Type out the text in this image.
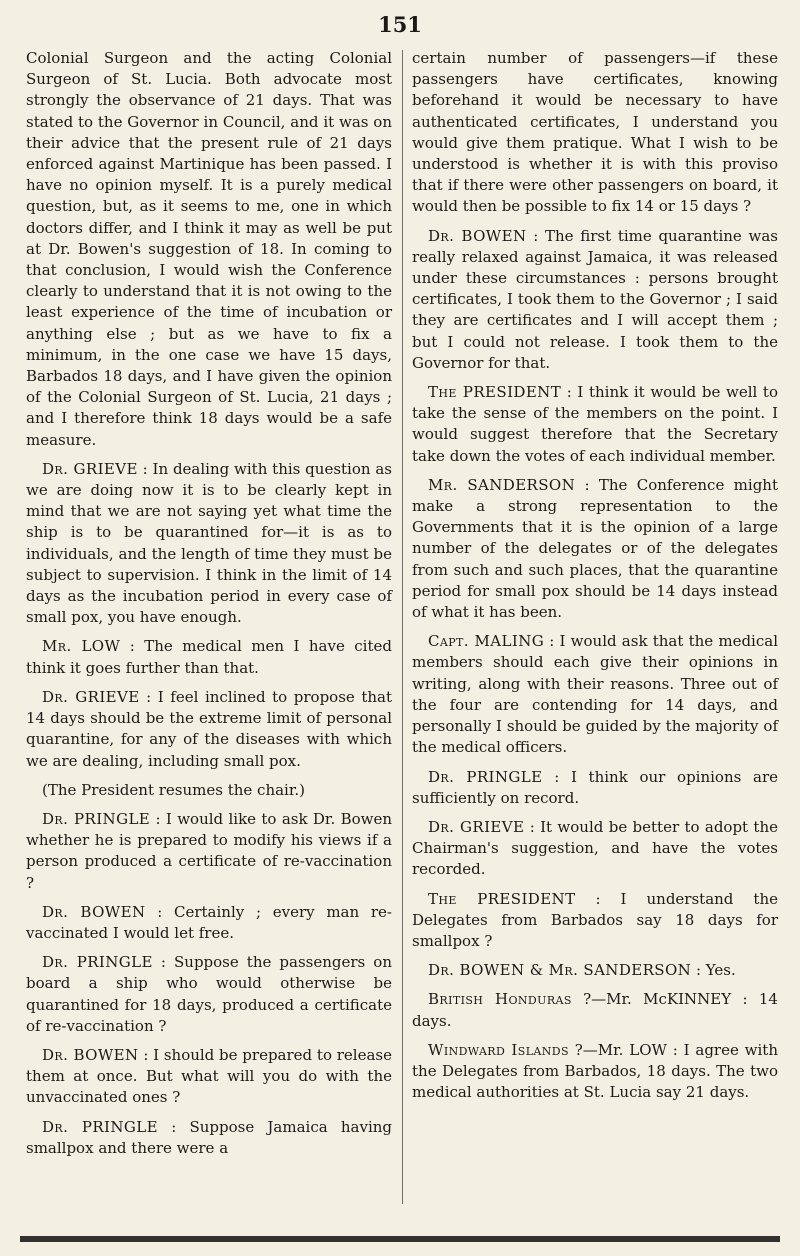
151

Colonial Surgeon and the acting Colonial Surgeon of St. Lucia. Both advocate most strongly the observance of 21 days. That was stated to the Governor in Council, and it was on their advice that the present rule of 21 days enforced against Martinique has been passed. I have no opinion myself. It is a purely medical question, but, as it seems to me, one in which doctors differ, and I think it may as well be put at Dr. Bowen's suggestion of 18. In coming to that conclusion, I would wish the Conference clearly to understand that it is not owing to the least experience of the time of incubation or anything else ; but as we have to fix a minimum, in the one case we have 15 days, Barbados 18 days, and I have given the opinion of the Colonial Surgeon of St. Lucia, 21 days ; and I therefore think 18 days would be a safe measure.

Dr. GRIEVE : In dealing with this question as we are doing now it is to be clearly kept in mind that we are not saying yet what time the ship is to be quarantined for—it is as to individuals, and the length of time they must be subject to supervision. I think in the limit of 14 days as the incubation period in every case of small pox, you have enough.

Mr. LOW : The medical men I have cited think it goes further than that.

Dr. GRIEVE : I feel inclined to propose that 14 days should be the extreme limit of personal quarantine, for any of the diseases with which we are dealing, including small pox.

(The President resumes the chair.)

Dr. PRINGLE : I would like to ask Dr. Bowen whether he is prepared to modify his views if a person produced a certificate of re-vaccination ?

Dr. BOWEN : Certainly ; every man re-vaccinated I would let free.

Dr. PRINGLE : Suppose the passengers on board a ship who would otherwise be quarantined for 18 days, produced a certificate of re-vaccination ?

Dr. BOWEN : I should be prepared to release them at once. But what will you do with the unvaccinated ones ?

Dr. PRINGLE : Suppose Jamaica having smallpox and there were a

certain number of passengers—if these passengers have certificates, knowing beforehand it would be necessary to have authenticated certificates, I understand you would give them pratique. What I wish to be understood is whether it is with this proviso that if there were other passengers on board, it would then be possible to fix 14 or 15 days ?

Dr. BOWEN : The first time quarantine was really relaxed against Jamaica, it was released under these circumstances : persons brought certificates, I took them to the Governor ; I said they are certificates and I will accept them ; but I could not release. I took them to the Governor for that.

The PRESIDENT : I think it would be well to take the sense of the members on the point. I would suggest therefore that the Secretary take down the votes of each individual member.

Mr. SANDERSON : The Conference might make a strong representation to the Governments that it is the opinion of a large number of the delegates or of the delegates from such and such places, that the quarantine period for small pox should be 14 days instead of what it has been.

Capt. MALING : I would ask that the medical members should each give their opinions in writing, along with their reasons. Three out of the four are contending for 14 days, and personally I should be guided by the majority of the medical officers.

Dr. PRINGLE : I think our opinions are sufficiently on record.

Dr. GRIEVE : It would be better to adopt the Chairman's suggestion, and have the votes recorded.

The PRESIDENT : I understand the Delegates from Barbados say 18 days for smallpox ?

Dr. BOWEN & Mr. SANDERSON : Yes.

British Honduras ?—Mr. McKINNEY : 14 days.

Windward Islands ?—Mr. LOW : I agree with the Delegates from Barbados, 18 days. The two medical authorities at St. Lucia say 21 days.
